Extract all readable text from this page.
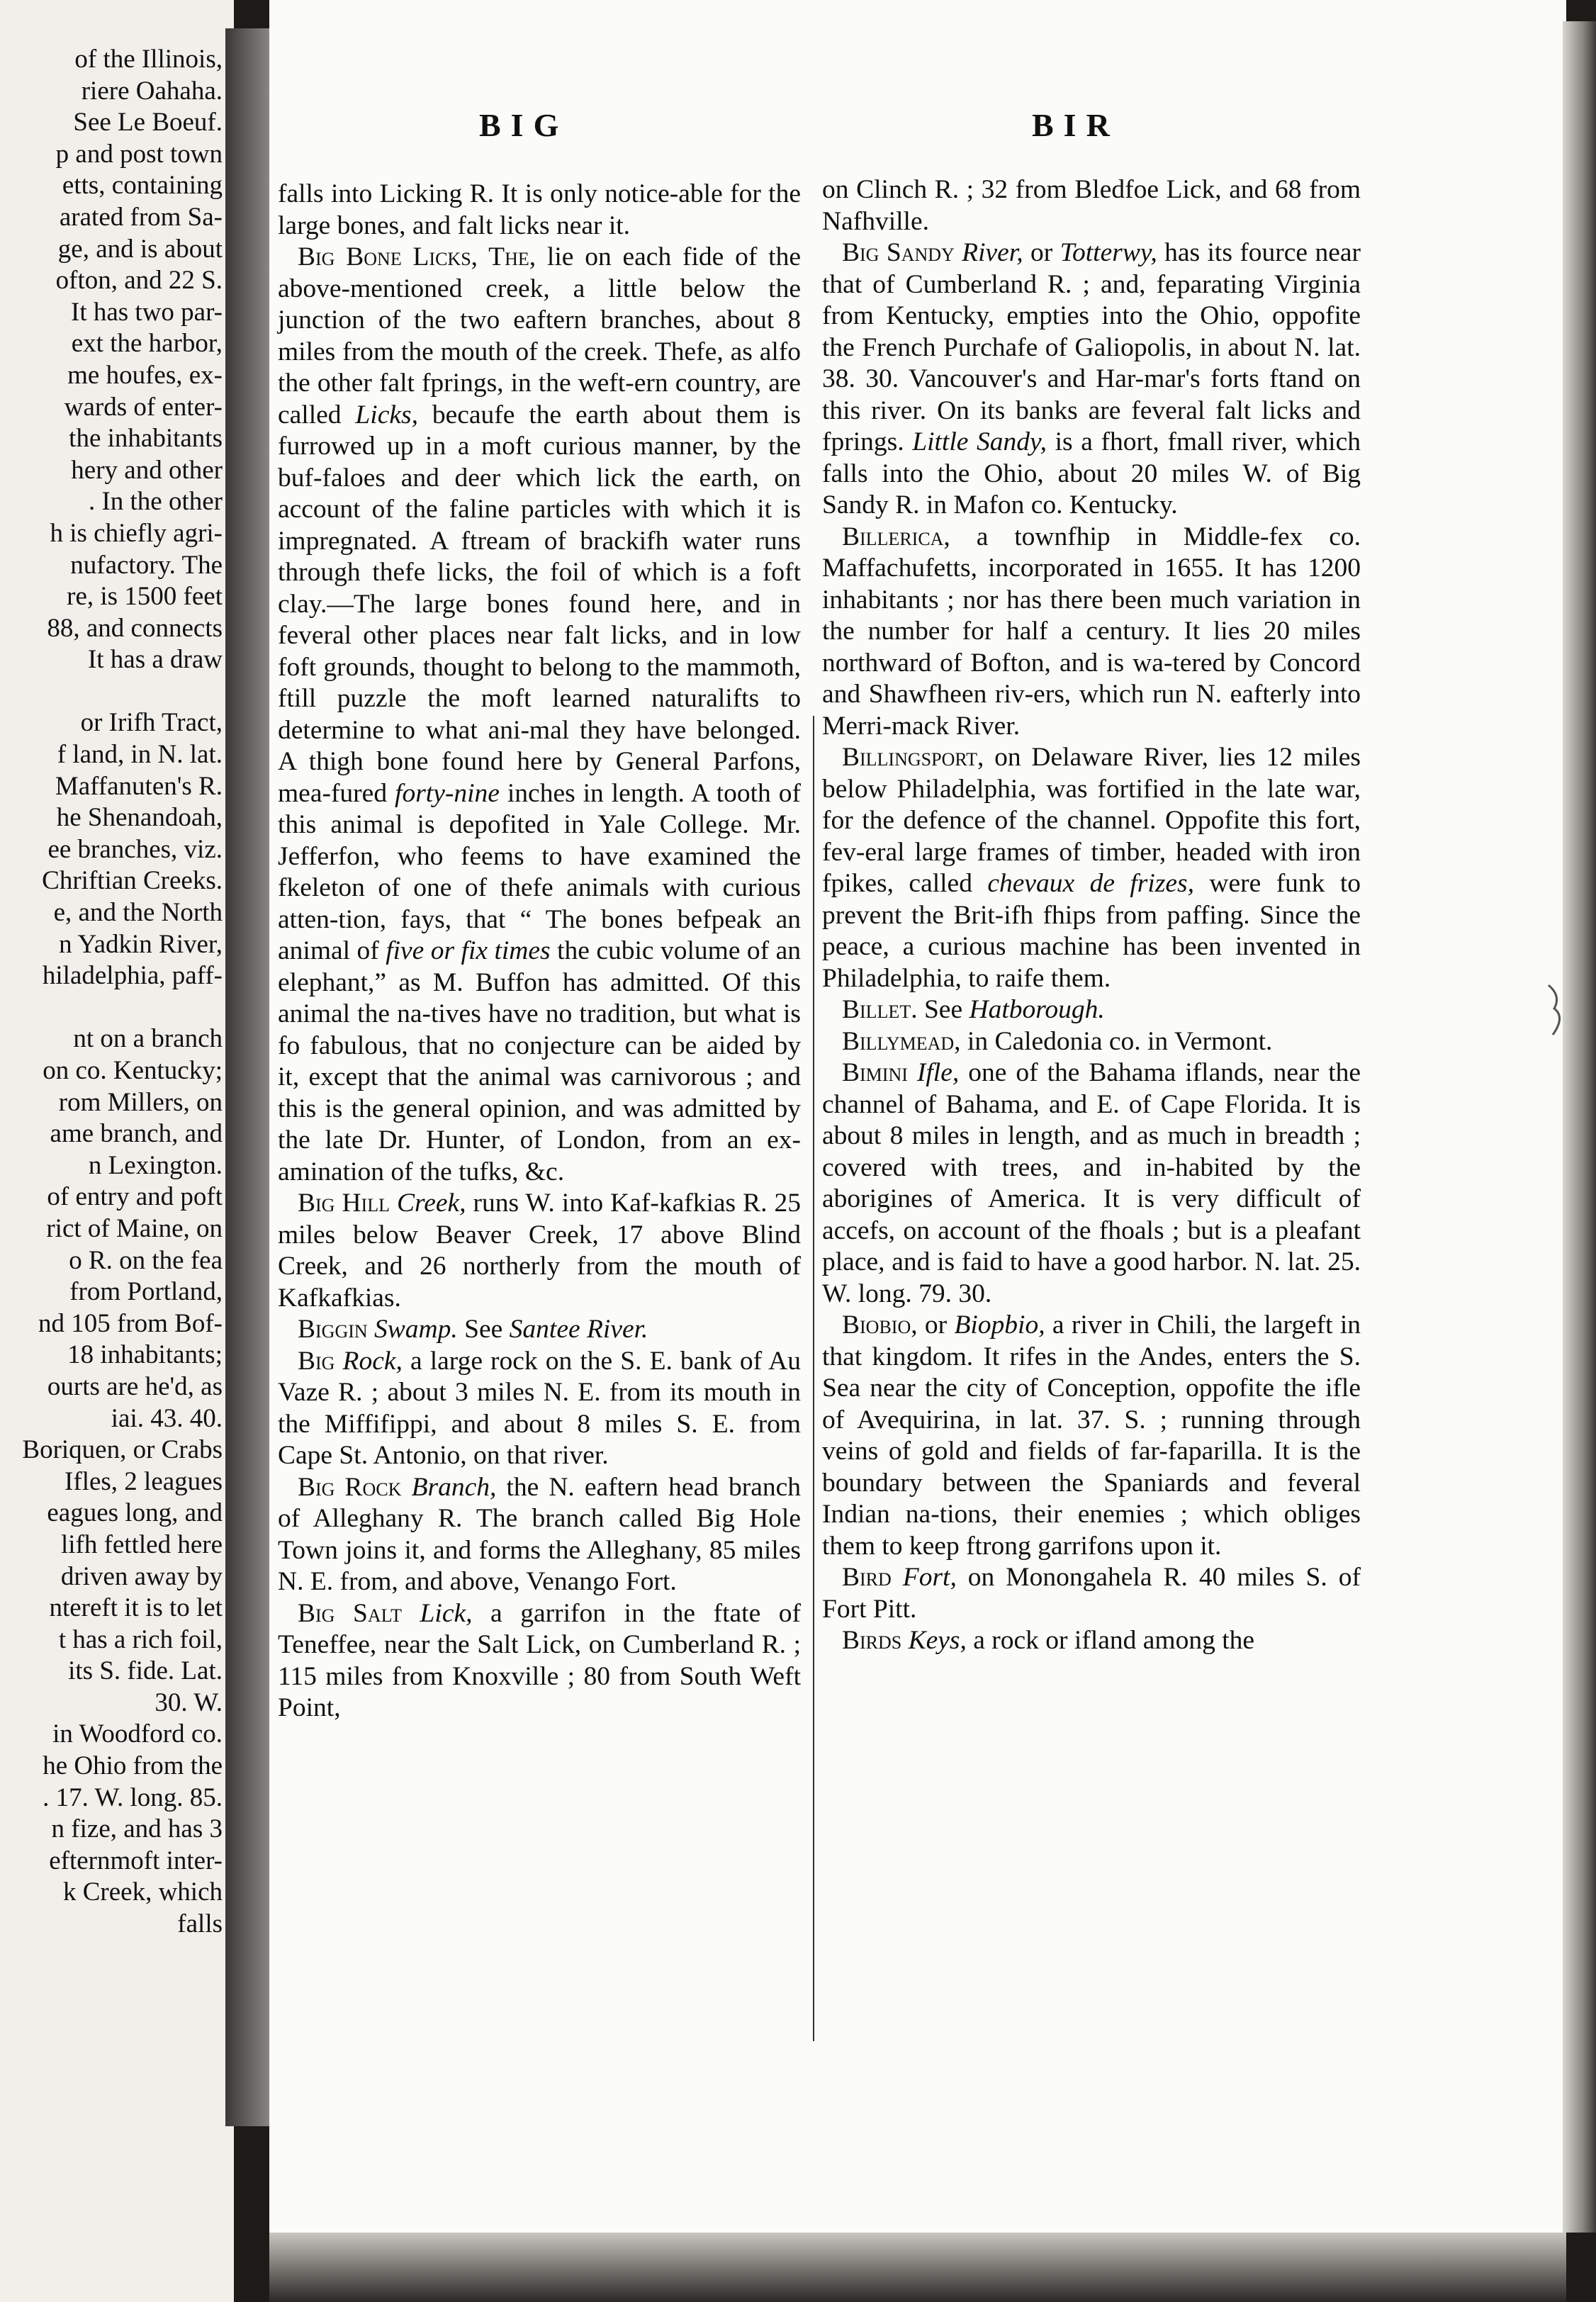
of the Illinois,

riere Oahaha.

See Le Boeuf.

p and post town

etts, containing

arated from Sa-

ge, and is about

ofton, and 22 S.

It has two par-

ext the harbor,

me houfes, ex-

wards of enter-

the inhabitants

hery and other

. In the other

h is chiefly agri-

nufactory. The

re, is 1500 feet

88, and connects

It has a draw

or Irifh Tract,

f land, in N. lat.

Maffanuten's R.

he Shenandoah,

ee branches, viz.

Chriftian Creeks.

e, and the North

n Yadkin River,

hiladelphia, paff-

nt on a branch

on co. Kentucky;

rom Millers, on

ame branch, and

n Lexington.

of entry and poft

rict of Maine, on

o R. on the fea

from Portland,

nd 105 from Bof-

18 inhabitants;

ourts are he'd, as

iai. 43. 40.

Boriquen, or Crabs

Ifles, 2 leagues

eagues long, and

lifh fettled here

driven away by

ntereft it is to let

t has a rich foil,

its S. fide. Lat.

30. W.

in Woodford co.

he Ohio from the

. 17. W. long. 85.

n fize, and has 3

efternmoft inter-

k Creek, which

falls

BIG	BIR

falls into Licking R. It is only notice-able for the large bones, and falt licks near it.

Big Bone Licks, The, lie on each fide of the above-mentioned creek, a little below the junction of the two eaftern branches, about 8 miles from the mouth of the creek. Thefe, as alfo the other falt fprings, in the weft-ern country, are called Licks, becaufe the earth about them is furrowed up in a moft curious manner, by the buf-faloes and deer which lick the earth, on account of the faline particles with which it is impregnated. A ftream of brackifh water runs through thefe licks, the foil of which is a foft clay.—The large bones found here, and in feveral other places near falt licks, and in low foft grounds, thought to belong to the mammoth, ftill puzzle the moft learned naturalifts to determine to what ani-mal they have belonged. A thigh bone found here by General Parfons, mea-fured forty-nine inches in length. A tooth of this animal is depofited in Yale College. Mr. Jefferfon, who feems to have examined the fkeleton of one of thefe animals with curious atten-tion, fays, that “ The bones befpeak an animal of five or fix times the cubic volume of an elephant,” as M. Buffon has admitted. Of this animal the na-tives have no tradition, but what is fo fabulous, that no conjecture can be aided by it, except that the animal was carnivorous ; and this is the general opinion, and was admitted by the late Dr. Hunter, of London, from an ex-amination of the tufks, &c.

Big Hill Creek, runs W. into Kaf-kafkias R. 25 miles below Beaver Creek, 17 above Blind Creek, and 26 northerly from the mouth of Kafkafkias.

Biggin Swamp. See Santee River.

Big Rock, a large rock on the S. E. bank of Au Vaze R. ; about 3 miles N. E. from its mouth in the Miffifippi, and about 8 miles S. E. from Cape St. Antonio, on that river.

Big Rock Branch, the N. eaftern head branch of Alleghany R. The branch called Big Hole Town joins it, and forms the Alleghany, 85 miles N. E. from, and above, Venango Fort.

Big Salt Lick, a garrifon in the ftate of Teneffee, near the Salt Lick, on Cumberland R. ; 115 miles from Knoxville ; 80 from South Weft Point,

on Clinch R. ; 32 from Bledfoe Lick, and 68 from Nafhville.

Big Sandy River, or Totterwy, has its fource near that of Cumberland R. ; and, feparating Virginia from Kentucky, empties into the Ohio, oppofite the French Purchafe of Galiopolis, in about N. lat. 38. 30. Vancouver's and Har-mar's forts ftand on this river. On its banks are feveral falt licks and fprings. Little Sandy, is a fhort, fmall river, which falls into the Ohio, about 20 miles W. of Big Sandy R. in Mafon co. Kentucky.

Billerica, a townfhip in Middle-fex co. Maffachufetts, incorporated in 1655. It has 1200 inhabitants ; nor has there been much variation in the number for half a century. It lies 20 miles northward of Bofton, and is wa-tered by Concord and Shawfheen riv-ers, which run N. eafterly into Merri-mack River.

Billingsport, on Delaware River, lies 12 miles below Philadelphia, was fortified in the late war, for the defence of the channel. Oppofite this fort, fev-eral large frames of timber, headed with iron fpikes, called chevaux de frizes, were funk to prevent the Brit-ifh fhips from paffing. Since the peace, a curious machine has been invented in Philadelphia, to raife them.

Billet. See Hatborough.

Billymead, in Caledonia co. in Vermont.

Bimini Ifle, one of the Bahama iflands, near the channel of Bahama, and E. of Cape Florida. It is about 8 miles in length, and as much in breadth ; covered with trees, and in-habited by the aborigines of America. It is very difficult of accefs, on account of the fhoals ; but is a pleafant place, and is faid to have a good harbor. N. lat. 25. W. long. 79. 30.

Biobio, or Biopbio, a river in Chili, the largeft in that kingdom. It rifes in the Andes, enters the S. Sea near the city of Conception, oppofite the ifle of Avequirina, in lat. 37. S. ; running through veins of gold and fields of far-faparilla. It is the boundary between the Spaniards and feveral Indian na-tions, their enemies ; which obliges them to keep ftrong garrifons upon it.

Bird Fort, on Monongahela R. 40 miles S. of Fort Pitt.

Birds Keys, a rock or ifland among the
